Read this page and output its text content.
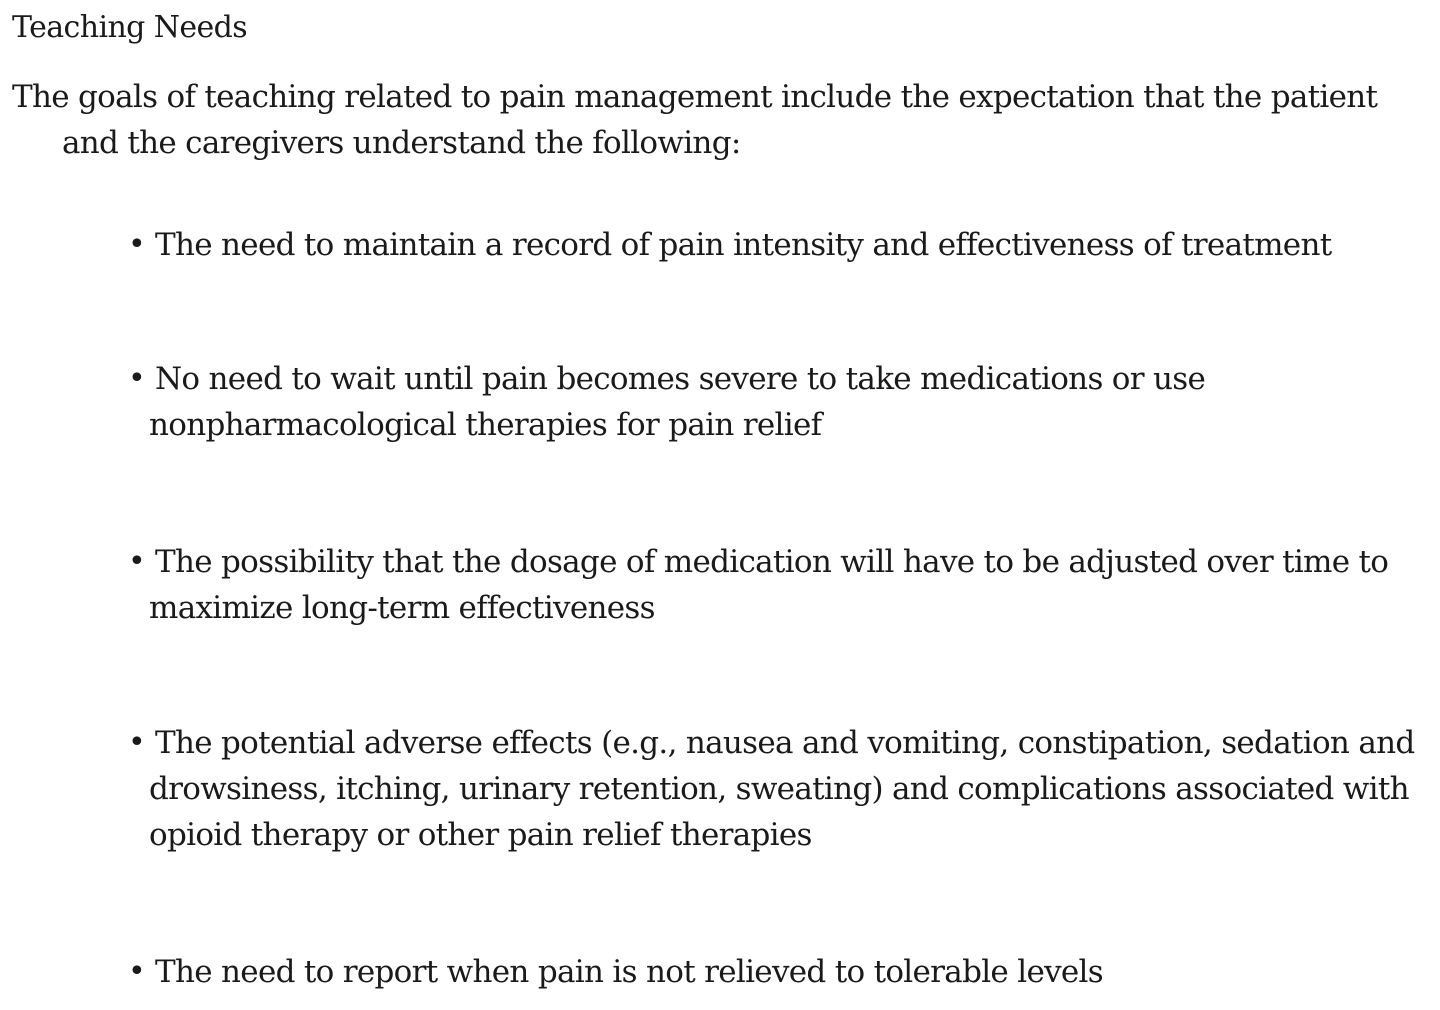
Teaching Needs
The goals of teaching related to pain management include the expectation that the patient and the caregivers understand the following:
• The need to maintain a record of pain intensity and effectiveness of treatment
• No need to wait until pain becomes severe to take medications or use nonpharmacological therapies for pain relief
• The possibility that the dosage of medication will have to be adjusted over time to maximize long-term effectiveness
• The potential adverse effects (e.g., nausea and vomiting, constipation, sedation and drowsiness, itching, urinary retention, sweating) and complications associated with opioid therapy or other pain relief therapies
• The need to report when pain is not relieved to tolerable levels
